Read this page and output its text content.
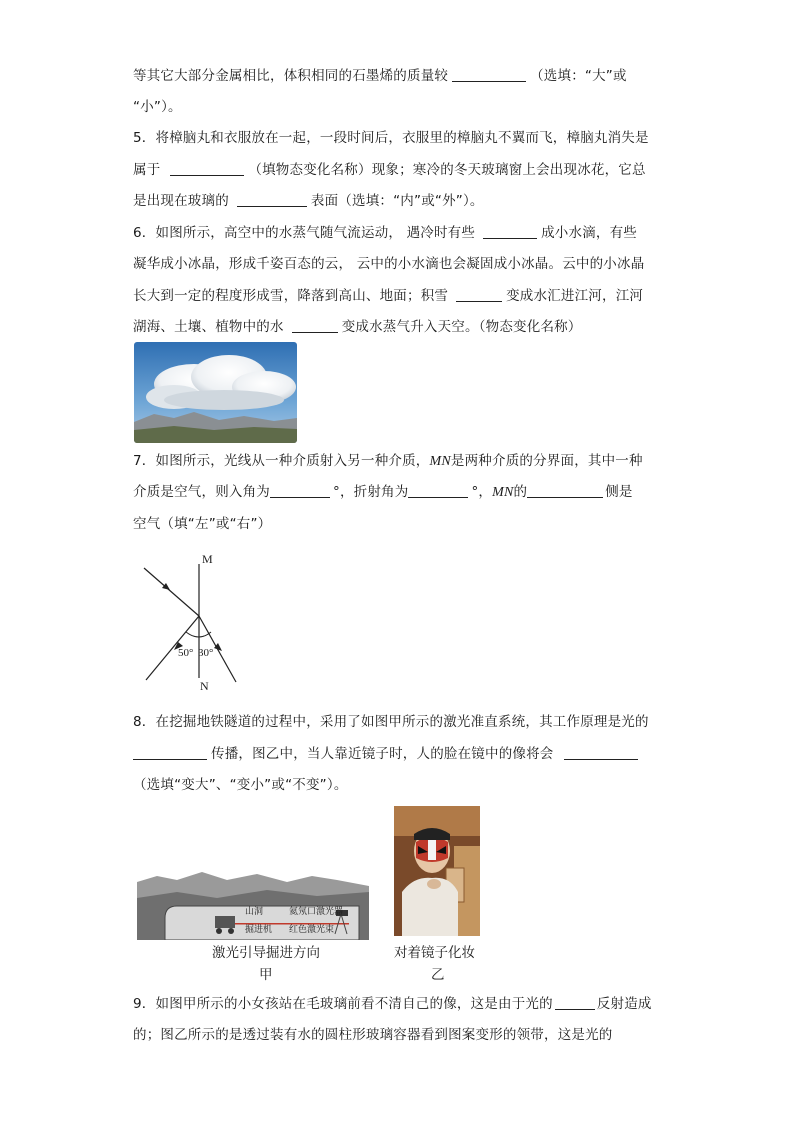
等其它大部分金属相比，体积相同的石墨烯的质量较	（选填：“大”或
“小”）。
5．将樟脑丸和衣服放在一起，一段时间后，衣服里的樟脑丸不翼而飞，樟脑丸消失是
属于	（填物态变化名称）现象；寒冷的冬天玻璃窗上会出现冰花，它总
是出现在玻璃的	表面（选填：“内”或“外”）。
6．如图所示，高空中的水蒸气随气流运动， 遇冷时有些	成小水滴，有些
凝华成小冰晶，形成千姿百态的云， 云中的小水滴也会凝固成小冰晶。云中的小冰晶
长大到一定的程度形成雪，降落到高山、地面；积雪	变成水汇进江河，江河
湖海、土壤、植物中的水	变成水蒸气升入天空。（物态变化名称）
7．如图所示，光线从一种介质射入另一种介质，MN是两种介质的分界面，其中一种
介质是空气，则入角为	°，折射角为	°，MN的	侧是
空气（填“左”或“右”）
M
N
50° 30°
8．在挖掘地铁隧道的过程中，采用了如图甲所示的激光准直系统，其工作原理是光的
传播，图乙中，当人靠近镜子时，人的脸在镜中的像将会
（选填“变大”、“变小”或“不变”）。
山洞	氦氖口激光器
掘进机 红色激光束
激光引导掘进方向
甲
对着镜子化妆
乙
9．如图甲所示的小女孩站在毛玻璃前看不清自己的像，这是由于光的	反射造成
的；图乙所示的是透过装有水的圆柱形玻璃容器看到图案变形的领带，这是光的
